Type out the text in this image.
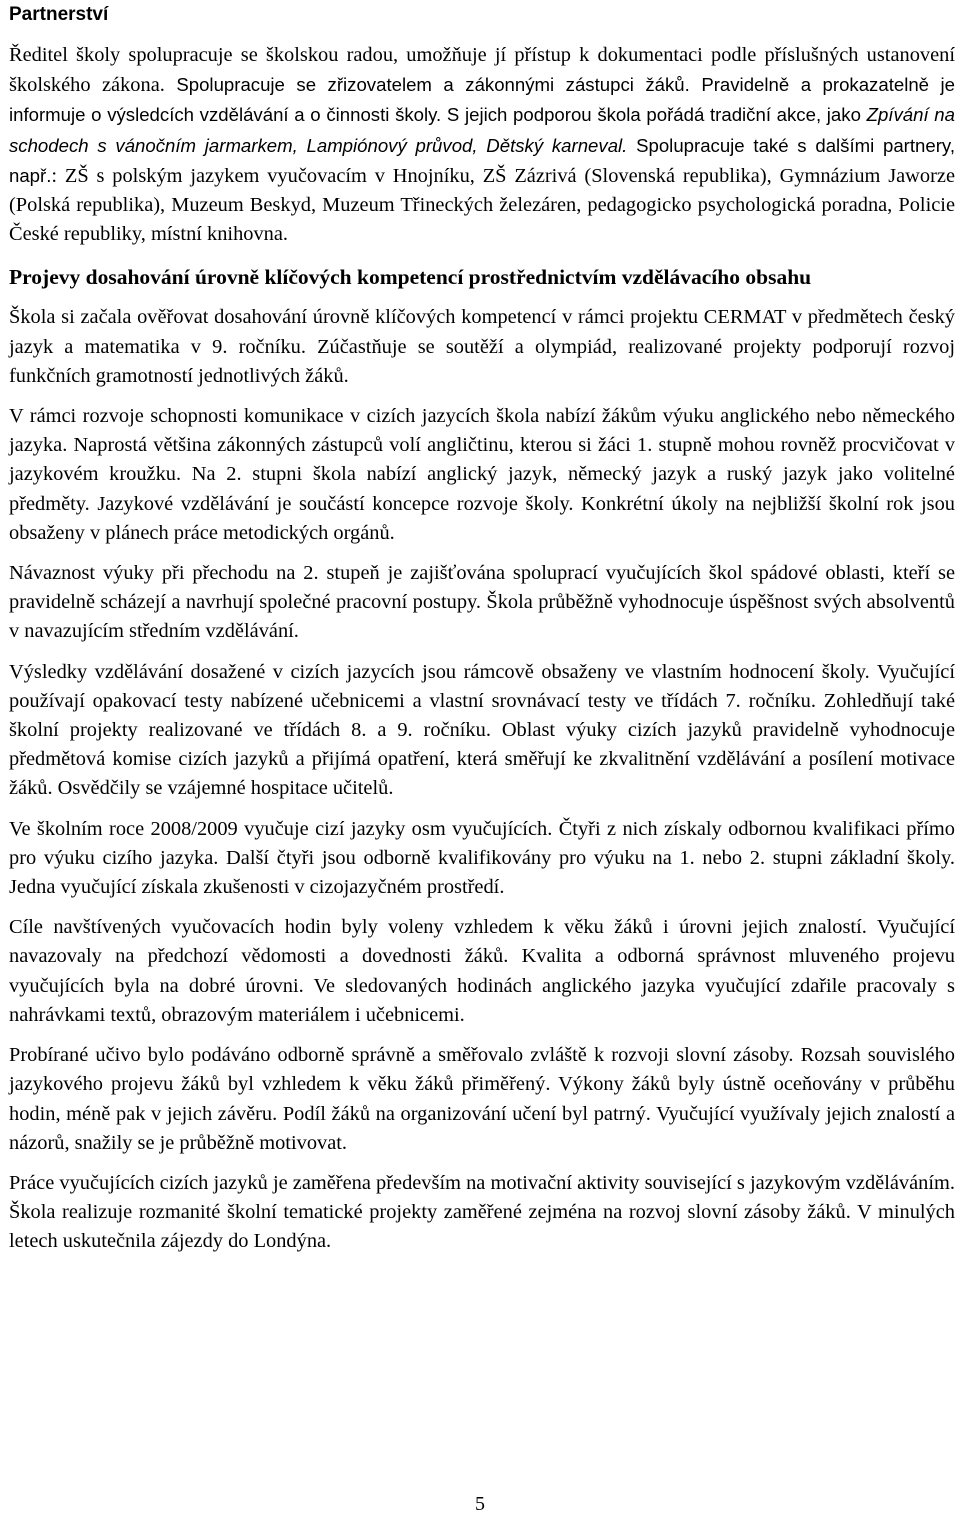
Partnerství

Ředitel školy spolupracuje se školskou radou, umožňuje jí přístup k dokumentaci podle příslušných ustanovení školského zákona. Spolupracuje se zřizovatelem a zákonnými zástupci žáků. Pravidelně a prokazatelně je informuje o výsledcích vzdělávání a o činnosti školy. S jejich podporou škola pořádá tradiční akce, jako Zpívání na schodech s vánočním jarmarkem, Lampiónový průvod, Dětský karneval. Spolupracuje také s dalšími partnery, např.: ZŠ s polským jazykem vyučovacím v Hnojníku, ZŠ Zázrivá (Slovenská republika), Gymnázium Jaworze (Polská republika), Muzeum Beskyd, Muzeum Třineckých železáren, pedagogicko psychologická poradna, Policie České republiky, místní knihovna.

Projevy dosahování úrovně klíčových kompetencí prostřednictvím vzdělávacího obsahu

Škola si začala ověřovat dosahování úrovně klíčových kompetencí v rámci projektu CERMAT v předmětech český jazyk a matematika v 9. ročníku. Zúčastňuje se soutěží a olympiád, realizované projekty podporují rozvoj funkčních gramotností jednotlivých žáků.

V rámci rozvoje schopnosti komunikace v cizích jazycích škola nabízí žákům výuku anglického nebo německého jazyka. Naprostá většina zákonných zástupců volí angličtinu, kterou si žáci 1. stupně mohou rovněž procvičovat v jazykovém kroužku. Na 2. stupni škola nabízí anglický jazyk, německý jazyk a ruský jazyk jako volitelné předměty. Jazykové vzdělávání je součástí koncepce rozvoje školy. Konkrétní úkoly na nejbližší školní rok jsou obsaženy v plánech práce metodických orgánů.

Návaznost výuky při přechodu na 2. stupeň je zajišťována spoluprací vyučujících škol spádové oblasti, kteří se pravidelně scházejí a navrhují společné pracovní postupy. Škola průběžně vyhodnocuje úspěšnost svých absolventů v navazujícím středním vzdělávání.

Výsledky vzdělávání dosažené v cizích jazycích jsou rámcově obsaženy ve vlastním hodnocení školy. Vyučující používají opakovací testy nabízené učebnicemi a vlastní srovnávací testy ve třídách 7. ročníku. Zohledňují také školní projekty realizované ve třídách 8. a 9. ročníku. Oblast výuky cizích jazyků pravidelně vyhodnocuje předmětová komise cizích jazyků a přijímá opatření, která směřují ke zkvalitnění vzdělávání a posílení motivace žáků. Osvědčily se vzájemné hospitace učitelů.

Ve školním roce 2008/2009 vyučuje cizí jazyky osm vyučujících. Čtyři z nich získaly odbornou kvalifikaci přímo pro výuku cizího jazyka. Další čtyři jsou odborně kvalifikovány pro výuku na 1. nebo 2. stupni základní školy. Jedna vyučující získala zkušenosti v cizojazyčném prostředí.

Cíle navštívených vyučovacích hodin byly voleny vzhledem k věku žáků i úrovni jejich znalostí. Vyučující navazovaly na předchozí vědomosti a dovednosti žáků. Kvalita a odborná správnost mluveného projevu vyučujících byla na dobré úrovni. Ve sledovaných hodinách anglického jazyka vyučující zdařile pracovaly s nahrávkami textů, obrazovým materiálem i učebnicemi.

Probírané učivo bylo podáváno odborně správně a směřovalo zvláště k rozvoji slovní zásoby. Rozsah souvislého jazykového projevu žáků byl vzhledem k věku žáků přiměřený. Výkony žáků byly ústně oceňovány v průběhu hodin, méně pak v jejich závěru. Podíl žáků na organizování učení byl patrný. Vyučující využívaly jejich znalostí a názorů, snažily se je průběžně motivovat.

Práce vyučujících cizích jazyků je zaměřena především na motivační aktivity související s jazykovým vzděláváním. Škola realizuje rozmanité školní tematické projekty zaměřené zejména na rozvoj slovní zásoby žáků. V minulých letech uskutečnila zájezdy do Londýna.

5
